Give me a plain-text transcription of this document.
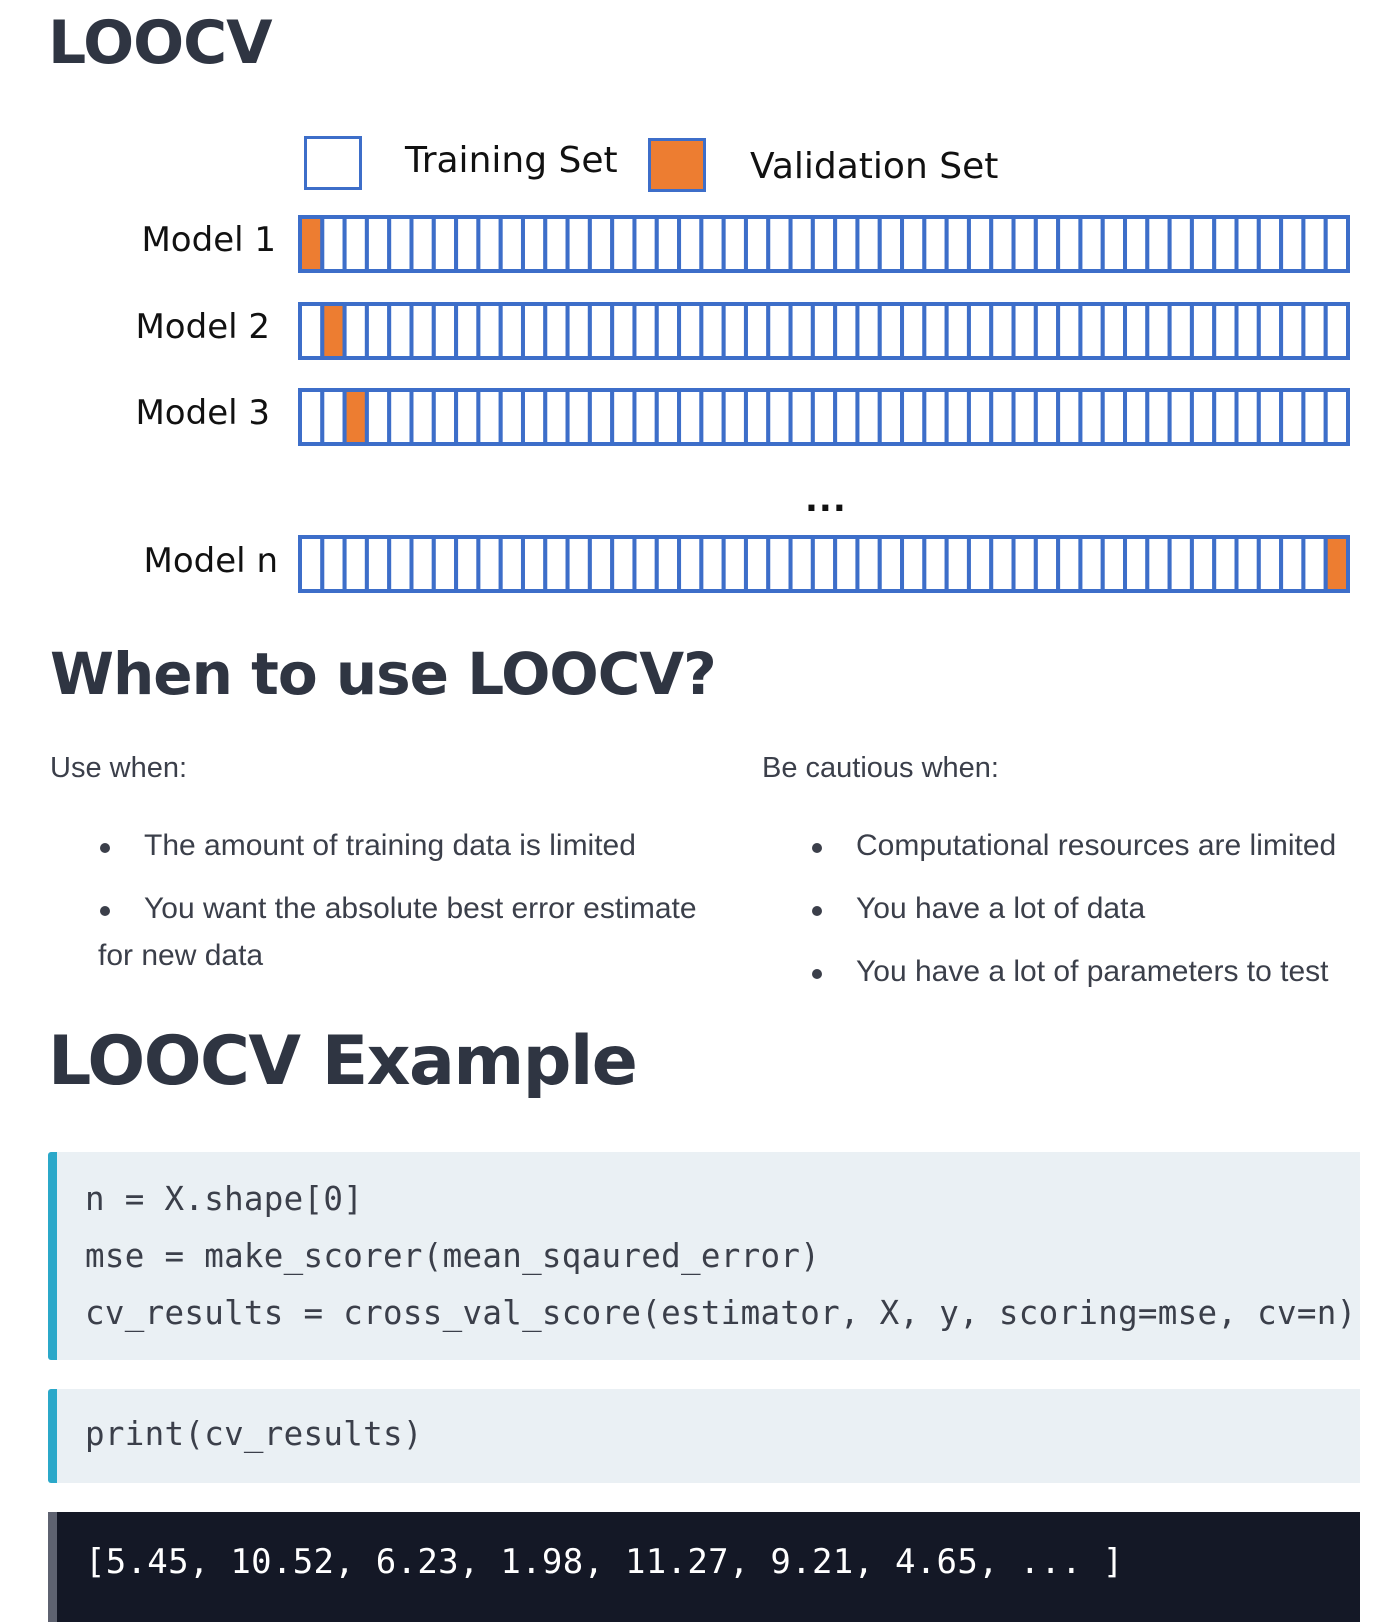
LOOCV
Training Set	Validation Set
Model 1
Model 2
Model 3
...
Model n
When to use LOOCV?
Use when:
The amount of training data is limited
You want the absolute best error estimate for new data
Be cautious when:
Computational resources are limited
You have a lot of data
You have a lot of parameters to test
LOOCV Example
n = X.shape[0]
mse = make_scorer(mean_sqaured_error)
cv_results = cross_val_score(estimator, X, y, scoring=mse, cv=n)
print(cv_results)
[5.45, 10.52, 6.23, 1.98, 11.27, 9.21, 4.65, ... ]
